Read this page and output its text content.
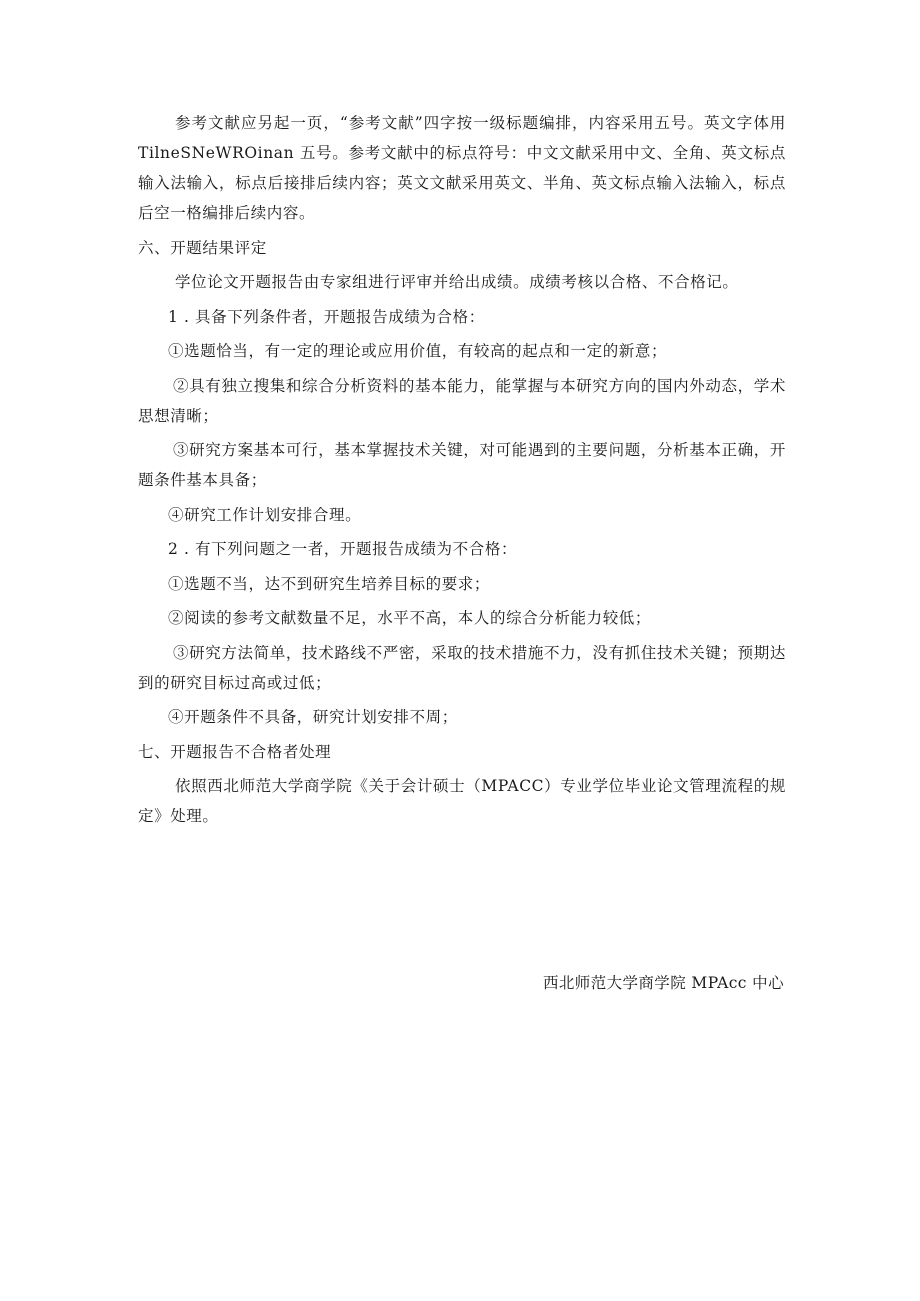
参考文献应另起一页，“参考文献”四字按一级标题编排，内容采用五号。英文字体用 TilneSNeWROinan 五号。参考文献中的标点符号：中文文献采用中文、全角、英文标点输入法输入，标点后接排后续内容；英文文献采用英文、半角、英文标点输入法输入，标点后空一格编排后续内容。

六、开题结果评定

学位论文开题报告由专家组进行评审并给出成绩。成绩考核以合格、不合格记。

1 . 具备下列条件者，开题报告成绩为合格：

①选题恰当，有一定的理论或应用价值，有较高的起点和一定的新意；

②具有独立搜集和综合分析资料的基本能力，能掌握与本研究方向的国内外动态，学术思想清晰；

③研究方案基本可行，基本掌握技术关键，对可能遇到的主要问题，分析基本正确，开题条件基本具备；

④研究工作计划安排合理。

2 . 有下列问题之一者，开题报告成绩为不合格：

①选题不当，达不到研究生培养目标的要求；

②阅读的参考文献数量不足，水平不高，本人的综合分析能力较低；

③研究方法简单，技术路线不严密，采取的技术措施不力，没有抓住技术关键；预期达到的研究目标过高或过低；

④开题条件不具备，研究计划安排不周；

七、开题报告不合格者处理

依照西北师范大学商学院《关于会计硕士（MPACC）专业学位毕业论文管理流程的规定》处理。

西北师范大学商学院 MPAcc 中心
